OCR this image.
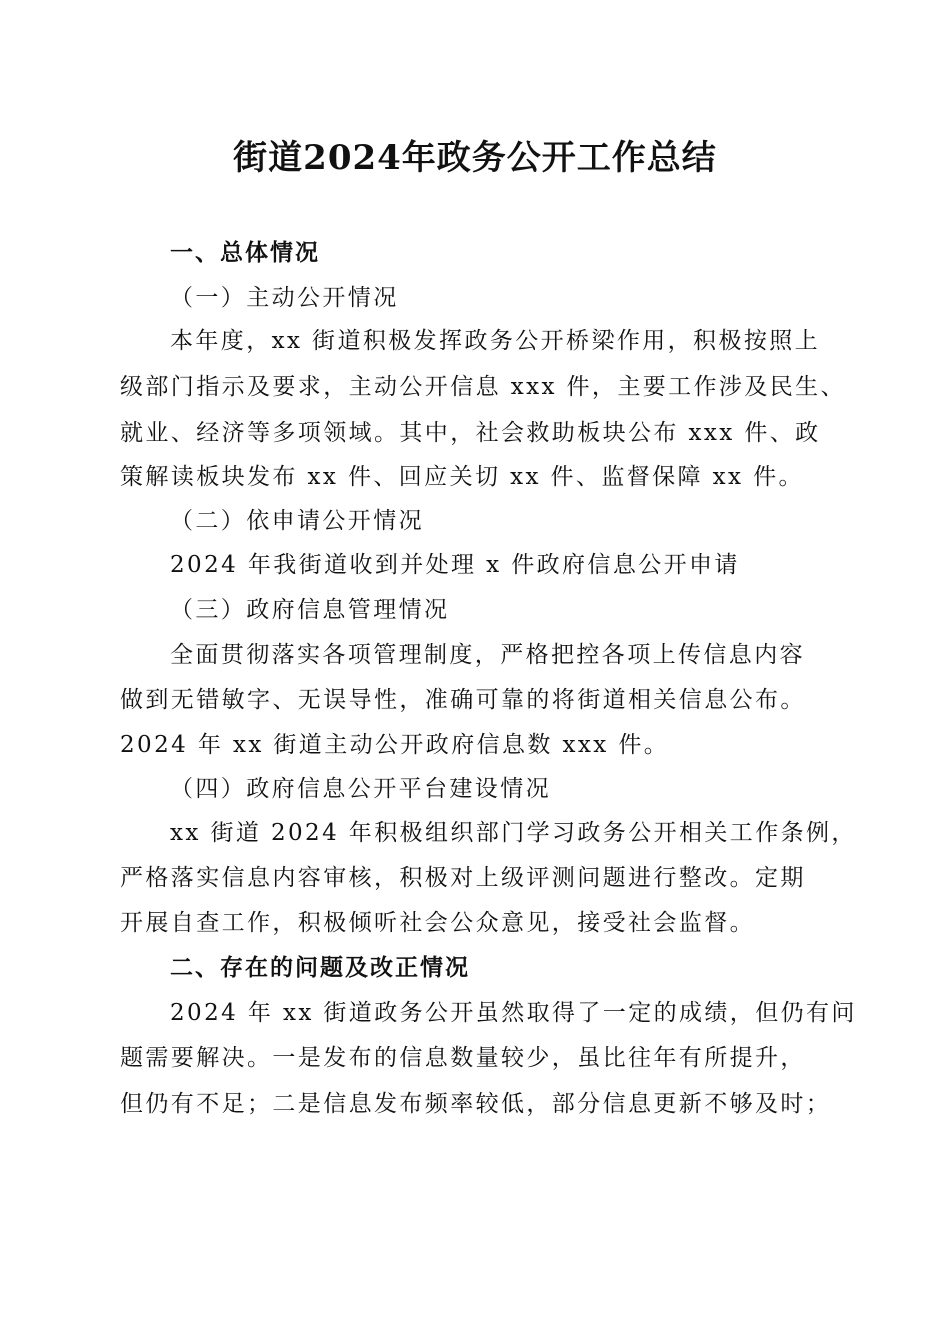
街道2024年政务公开工作总结
一、总体情况
（一）主动公开情况
本年度，xx 街道积极发挥政务公开桥梁作用，积极按照上
级部门指示及要求，主动公开信息 xxx 件，主要工作涉及民生、
就业、经济等多项领域。其中，社会救助板块公布 xxx 件、政
策解读板块发布 xx 件、回应关切 xx 件、监督保障 xx 件。
（二）依申请公开情况
2024 年我街道收到并处理 x 件政府信息公开申请
（三）政府信息管理情况
全面贯彻落实各项管理制度，严格把控各项上传信息内容
做到无错敏字、无误导性，准确可靠的将街道相关信息公布。
2024 年 xx 街道主动公开政府信息数 xxx 件。
（四）政府信息公开平台建设情况
xx 街道 2024 年积极组织部门学习政务公开相关工作条例，
严格落实信息内容审核，积极对上级评测问题进行整改。定期
开展自查工作，积极倾听社会公众意见，接受社会监督。
二、存在的问题及改正情况
2024 年 xx 街道政务公开虽然取得了一定的成绩，但仍有问
题需要解决。一是发布的信息数量较少，虽比往年有所提升，
但仍有不足；二是信息发布频率较低，部分信息更新不够及时；
